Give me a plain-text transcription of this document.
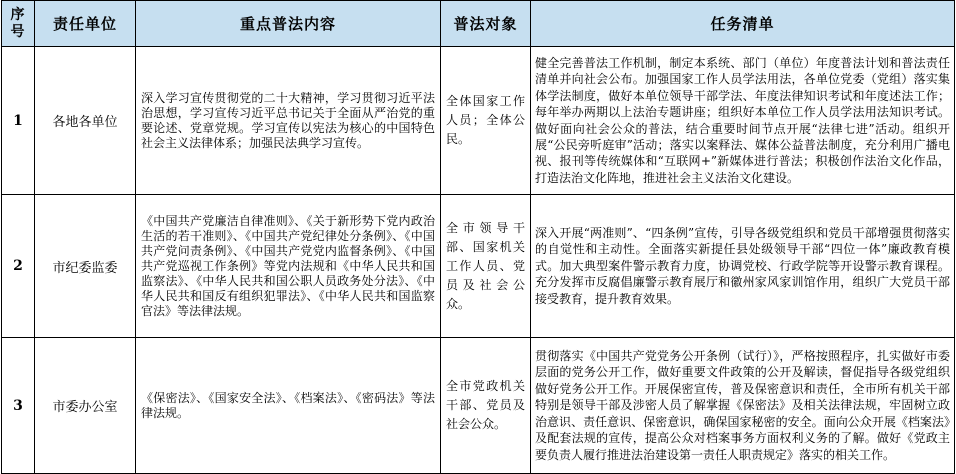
序号	责任单位	重点普法内容	普法对象	任务清单
1	各地各单位	深入学习宣传贯彻党的二十大精神，学习贯彻习近平法治思想，学习宣传习近平总书记关于全面从严治党的重要论述、党章党规。学习宣传以宪法为核心的中国特色社会主义法律体系；加强民法典学习宣传。	全体国家工作人员；全体公民。	健全完善普法工作机制，制定本系统、部门（单位）年度普法计划和普法责任清单并向社会公布。加强国家工作人员学法用法，各单位党委（党组）落实集体学法制度，做好本单位领导干部学法、年度法律知识考试和年度述法工作；每年举办两期以上法治专题讲座；组织好本单位工作人员学法用法知识考试。做好面向社会公众的普法，结合重要时间节点开展“法律七进”活动。组织开展“公民旁听庭审”活动；落实以案释法、媒体公益普法制度，充分利用广播电视、报刊等传统媒体和“互联网+”新媒体进行普法；积极创作法治文化作品，打造法治文化阵地，推进社会主义法治文化建设。
2	市纪委监委	《中国共产党廉洁自律准则》、《关于新形势下党内政治生活的若干准则》、《中国共产党纪律处分条例》、《中国共产党问责条例》、《中国共产党党内监督条例》、《中国共产党巡视工作条例》等党内法规和《中华人民共和国监察法》、《中华人民共和国公职人员政务处分法》、《中华人民共和国反有组织犯罪法》、《中华人民共和国监察官法》等法律法规。	全市领导干部、国家机关工作人员、党员及社会公众。	深入开展“两准则”、“四条例”宣传，引导各级党组织和党员干部增强贯彻落实的自觉性和主动性。全面落实新提任县处级领导干部“四位一体”廉政教育模式。加大典型案件警示教育力度，协调党校、行政学院等开设警示教育课程。充分发挥市反腐倡廉警示教育展厅和徽州家风家训馆作用，组织广大党员干部接受教育，提升教育效果。
3	市委办公室	《保密法》、《国家安全法》、《档案法》、《密码法》等法律法规。	全市党政机关干部、党员及社会公众。	贯彻落实《中国共产党党务公开条例（试行）》，严格按照程序，扎实做好市委层面的党务公开工作，做好重要文件政策的公开及解读，督促指导各级党组织做好党务公开工作。开展保密宣传，普及保密意识和责任，全市所有机关干部特别是领导干部及涉密人员了解掌握《保密法》及相关法律法规，牢固树立政治意识、责任意识、保密意识，确保国家秘密的安全。面向公众开展《档案法》及配套法规的宣传，提高公众对档案事务方面权利义务的了解。做好《党政主要负责人履行推进法治建设第一责任人职责规定》落实的相关工作。
